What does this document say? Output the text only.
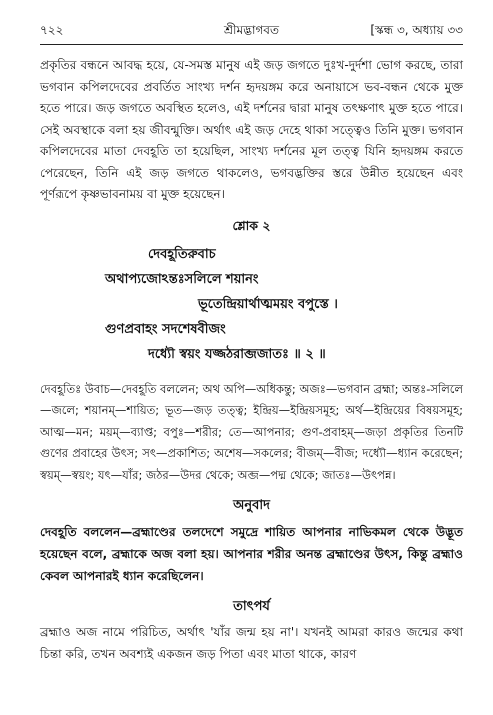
৭২২	শ্রীমদ্ভাগবত	[স্কন্ধ ৩, অধ্যায় ৩৩

প্রকৃতির বন্ধনে আবদ্ধ হয়ে, যে-সমস্ত মানুষ এই জড় জগতে দুঃখ-দুর্দশা ভোগ করছে, তারা ভগবান কপিলদেবের প্রবর্তিত সাংখ্য দর্শন হৃদয়ঙ্গম করে অনায়াসে ভব-বন্ধন থেকে মুক্ত হতে পারে। জড় জগতে অবস্থিত হলেও, এই দর্শনের দ্বারা মানুষ তৎক্ষণাৎ মুক্ত হতে পারে। সেই অবস্থাকে বলা হয় জীবন্মুক্তি। অর্থাৎ এই জড় দেহে থাকা সত্ত্বেও তিনি মুক্ত। ভগবান কপিলদেবের মাতা দেবহূতি তা হয়েছিল, সাংখ্য দর্শনের মূল তত্ত্ব যিনি হৃদয়ঙ্গম করতে পেরেছেন, তিনি এই জড় জগতে থাকলেও, ভগবদ্ভক্তির স্তরে উন্নীত হয়েছেন এবং পূর্ণরূপে কৃষ্ণভাবনাময় বা মুক্ত হয়েছেন।

শ্লোক ২
দেবহূতিরুবাচ
অথাপ্যজোঽন্তঃসলিলে শয়ানং
ভূতেন্দ্রিয়ার্থাত্মময়ং বপুস্তে ।
গুণপ্রবাহং সদশেষবীজং
দধ্যৌ স্বয়ং যজ্জঠরাব্জজাতঃ ॥ ২ ॥

দেবহূতিঃ উবাচ—দেবহূতি বললেন; অথ অপি—অধিকন্তু; অজঃ—ভগবান ব্রহ্মা; অন্তঃ-সলিলে—জলে; শয়ানম্—শায়িত; ভূত—জড় তত্ত্ব; ইন্দ্রিয়—ইন্দ্রিয়সমূহ; অর্থ—ইন্দ্রিয়ের বিষয়সমূহ; আত্ম—মন; ময়ম্—ব্যাপ্ত; বপুঃ—শরীর; তে—আপনার; গুণ-প্রবাহম্—জড়া প্রকৃতির তিনটি গুণের প্রবাহের উৎস; সৎ—প্রকাশিত; অশেষ—সকলের; বীজম্—বীজ; দধ্যৌ—ধ্যান করেছেন; স্বয়ম্—স্বয়ং; যৎ—যাঁর; জঠর—উদর থেকে; অব্জ—পদ্ম থেকে; জাতঃ—উৎপন্ন।

অনুবাদ

দেবহূতি বললেন—ব্রহ্মাণ্ডের তলদেশে সমুদ্রে শায়িত আপনার নাভিকমল থেকে উদ্ভূত হয়েছেন বলে, ব্রহ্মাকে অজ বলা হয়। আপনার শরীর অনন্ত ব্রহ্মাণ্ডের উৎস, কিন্তু ব্রহ্মাও কেবল আপনারই ধ্যান করেছিলেন।

তাৎপর্য

ব্রহ্মাও অজ নামে পরিচিত, অর্থাৎ 'যাঁর জন্ম হয় না'। যখনই আমরা কারও জন্মের কথা চিন্তা করি, তখন অবশ্যই একজন জড় পিতা এবং মাতা থাকে, কারণ
